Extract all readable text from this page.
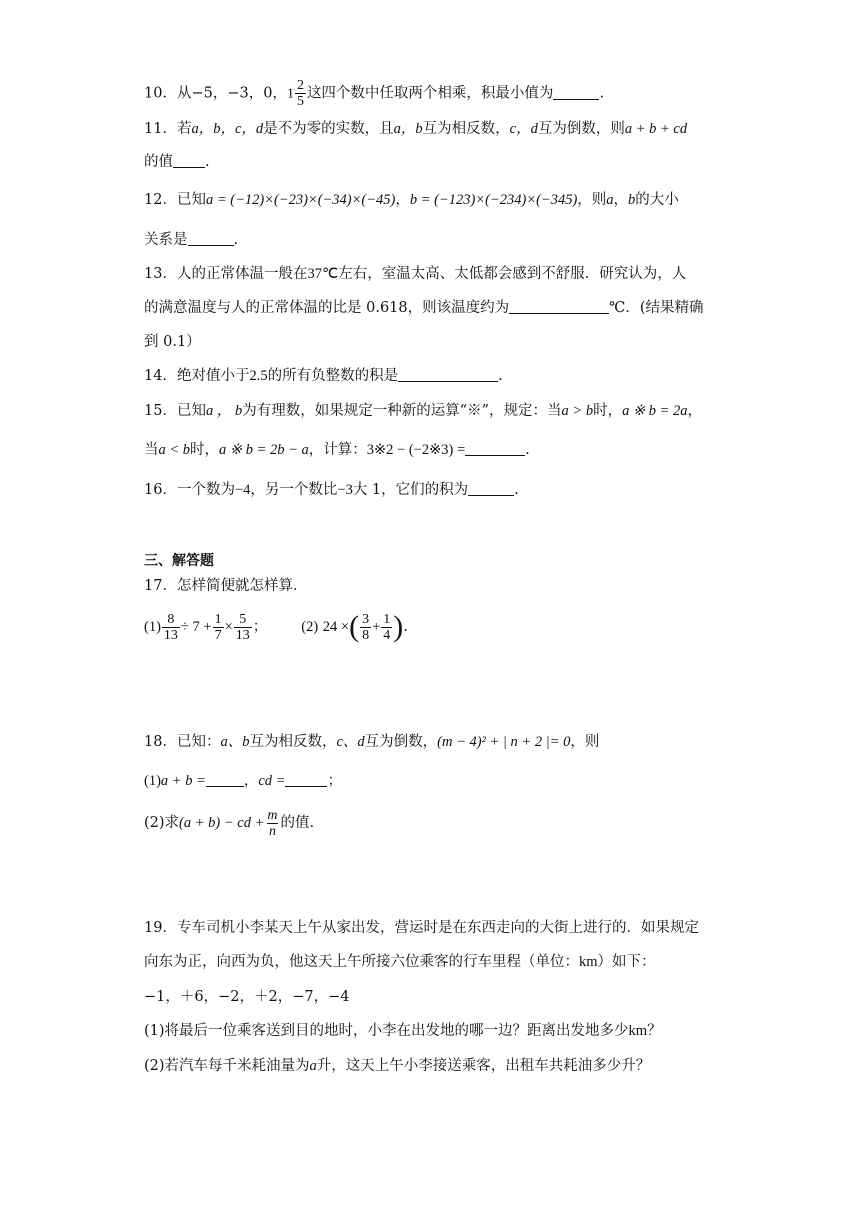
10．从−5，−3，0，$1 \frac{2}{5}$ 这四个数中任取两个相乘，积最小值为	.
11．若a，b，c，d是不为零的实数，且a，b互为相反数，c，d互为倒数，则a + b + cd
的值 .
12．已知a = (−12)×(−23)×(−34)×(−45)，b = (−123)×(−234)×(−345)，则a，b的大小
关系是	.
13．人的正常体温一般在37℃左右，室温太高、太低都会感到不舒服．研究认为，人
的满意温度与人的正常体温的比是 0.618，则该温度约为	℃．(结果精确
到 0.1）
14．绝对值小于2.5的所有负整数的积是	.
15．已知a ， b为有理数，如果规定一种新的运算“※”，规定：当a > b时，a ※ b = 2a，
当a < b时，a ※ b = 2b − a，计算：3※2 − (−2※3) =	.
16．一个数为−4，另一个数比−3大 1，它们的积为	.
三、解答题
17．怎样简便就怎样算．
$(1) \frac{8}{13} \div 7 + \frac{1}{7} \times \frac{5}{13}$ ； (2) 24 ×( $\frac{3}{8} + \frac{1}{4}$ ).
18．已知：a、b互为相反数，c、d互为倒数，(m − 4)² + | n + 2 |= 0，则
(1)a + b =	，cd =	；
(2)求(a + b) − cd + $\frac{m}{n}$ 的值.
19．专车司机小李某天上午从家出发，营运时是在东西走向的大街上进行的．如果规定
向东为正，向西为负，他这天上午所接六位乘客的行车里程（单位：km）如下：
−1，＋6，−2，＋2，−7，−4
(1)将最后一位乘客送到目的地时，小李在出发地的哪一边？距离出发地多少km？
(2)若汽车每千米耗油量为a升，这天上午小李接送乘客，出租车共耗油多少升？
